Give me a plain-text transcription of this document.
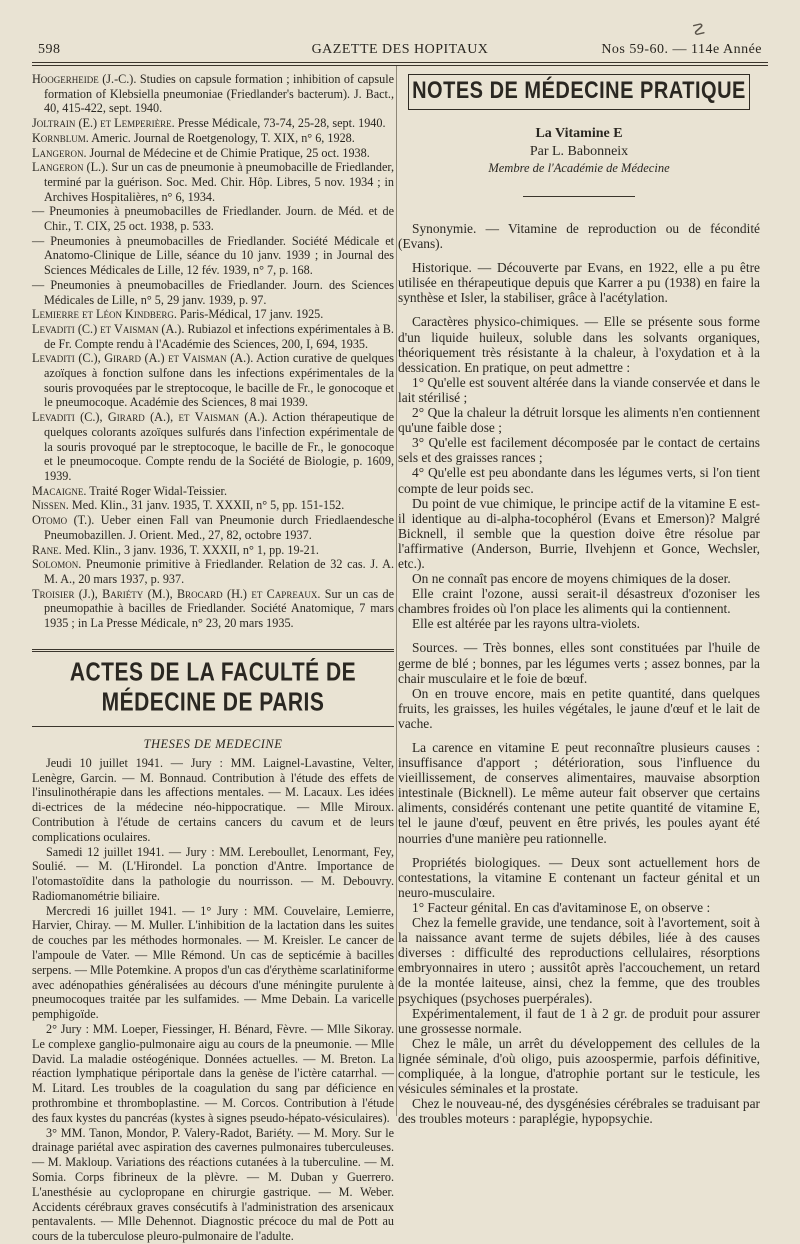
☡
598	GAZETTE DES HOPITAUX	Nos 59-60. — 114e Année

Hoogerheide (J.-C.). Studies on capsule formation ; inhibition of capsule formation of Klebsiella pneumoniae (Friedlander's bacterum). J. Bact., 40, 415-422, sept. 1940.

Joltrain (E.) et Lemperière. Presse Médicale, 73-74, 25-28, sept. 1940.

Kornblum. Americ. Journal de Roetgenology, T. XIX, n° 6, 1928.

Langeron. Journal de Médecine et de Chimie Pratique, 25 oct. 1938.

Langeron (L.). Sur un cas de pneumonie à pneumobacille de Friedlander, terminé par la guérison. Soc. Med. Chir. Hôp. Libres, 5 nov. 1934 ; in Archives Hospitalières, n° 6, 1934.

— Pneumonies à pneumobacilles de Friedlander. Journ. de Méd. et de Chir., T. CIX, 25 oct. 1938, p. 533.

— Pneumonies à pneumobacilles de Friedlander. Société Médicale et Anatomo-Clinique de Lille, séance du 10 janv. 1939 ; in Journal des Sciences Médicales de Lille, 12 fév. 1939, n° 7, p. 168.

— Pneumonies à pneumobacilles de Friedlander. Journ. des Sciences Médicales de Lille, n° 5, 29 janv. 1939, p. 97.

Lemierre et Léon Kindberg. Paris-Médical, 17 janv. 1925.

Levaditi (C.) et Vaisman (A.). Rubiazol et infections expérimentales à B. de Fr. Compte rendu à l'Académie des Sciences, 200, I, 694, 1935.

Levaditi (C.), Girard (A.) et Vaisman (A.). Action curative de quelques azoïques à fonction sulfone dans les infections expérimentales de la souris provoquées par le streptocoque, le bacille de Fr., le gonocoque et le pneumocoque. Académie des Sciences, 8 mai 1939.

Levaditi (C.), Girard (A.), et Vaisman (A.). Action thérapeutique de quelques colorants azoïques sulfurés dans l'infection expérimentale de la souris provoqué par le streptocoque, le bacille de Fr., le gonocoque et le pneumocoque. Compte rendu de la Société de Biologie, p. 1609, 1939.

Macaigne. Traité Roger Widal-Teissier.

Nissen. Med. Klin., 31 janv. 1935, T. XXXII, n° 5, pp. 151-152.

Otomo (T.). Ueber einen Fall van Pneumonie durch Friedlaendesche Pneumobazillen. J. Orient. Med., 27, 82, octobre 1937.

Rane. Med. Klin., 3 janv. 1936, T. XXXII, n° 1, pp. 19-21.

Solomon. Pneumonie primitive à Friedlander. Relation de 32 cas. J. A. M. A., 20 mars 1937, p. 937.

Troisier (J.), Bariéty (M.), Brocard (H.) et Capreaux. Sur un cas de pneumopathie à bacilles de Friedlander. Société Anatomique, 7 mars 1935 ; in La Presse Médicale, n° 23, 20 mars 1935.

ACTES DE LA FACULTÉ DE MÉDECINE DE PARIS
THESES DE MEDECINE

Jeudi 10 juillet 1941. — Jury : MM. Laignel-Lavastine, Velter, Lenègre, Garcin. — M. Bonnaud. Contribution à l'étude des effets de l'insulinothérapie dans les affections mentales. — M. Lacaux. Les idées di-ectrices de la médecine néo-hippocratique. — Mlle Miroux. Contribution à l'étude de certains cancers du cavum et de leurs complications oculaires.

Samedi 12 juillet 1941. — Jury : MM. Lereboullet, Lenormant, Fey, Soulié. — M. (L'Hirondel. La ponction d'Antre. Importance de l'otomastoïdite dans la pathologie du nourrisson. — M. Debouvry. Radiomanométrie biliaire.

Mercredi 16 juillet 1941. — 1° Jury : MM. Couvelaire, Lemierre, Harvier, Chiray. — M. Muller. L'inhibition de la lactation dans les suites de couches par les méthodes hormonales. — M. Kreisler. Le cancer de l'ampoule de Vater. — Mlle Rémond. Un cas de septicémie à bacilles serpens. — Mlle Potemkine. A propos d'un cas d'érythème scarlatiniforme avec adénopathies généralisées au décours d'une méningite purulente à pneumocoques traitée par les sulfamides. — Mme Debain. La varicelle pemphigoïde.

2° Jury : MM. Loeper, Fiessinger, H. Bénard, Fèvre. — Mlle Sikoray. Le complexe ganglio-pulmonaire aigu au cours de la pneumonie. — Mlle David. La maladie ostéogénique. Données actuelles. — M. Breton. La réaction lymphatique périportale dans la genèse de l'ictère catarrhal. — M. Litard. Les troubles de la coagulation du sang par déficience en prothrombine et thromboplastine. — M. Corcos. Contribution à l'étude des faux kystes du pancréas (kystes à signes pseudo-hépato-vésiculaires).

3° MM. Tanon, Mondor, P. Valery-Radot, Bariéty. — M. Mory. Sur le drainage pariétal avec aspiration des cavernes pulmonaires tuberculeuses. — M. Makloup. Variations des réactions cutanées à la tuberculine. — M. Somia. Corps fibrineux de la plèvre. — M. Duban y Guerrero. L'anesthésie au cyclopropane en chirurgie gastrique. — M. Weber. Accidents cérébraux graves consécutifs à l'administration des arsenicaux pentavalents. — Mlle Dehennot. Diagnostic précoce du mal de Pott au cours de la tuberculose pleuro-pulmonaire de l'adulte.

NOTES DE MÉDECINE PRATIQUE
La Vitamine E
Par L. Babonneix
Membre de l'Académie de Médecine

Synonymie. — Vitamine de reproduction ou de fécondité (Evans).

Historique. — Découverte par Evans, en 1922, elle a pu être utilisée en thérapeutique depuis que Karrer a pu (1938) en faire la synthèse et Isler, la stabiliser, grâce à l'acétylation.

Caractères physico-chimiques. — Elle se présente sous forme d'un liquide huileux, soluble dans les solvants organiques, théoriquement très résistante à la chaleur, à l'oxydation et à la dessication. En pratique, on peut admettre :

1° Qu'elle est souvent altérée dans la viande conservée et dans le lait stérilisé ;

2° Que la chaleur la détruit lorsque les aliments n'en contiennent qu'une faible dose ;

3° Qu'elle est facilement décomposée par le contact de certains sels et des graisses rances ;

4° Qu'elle est peu abondante dans les légumes verts, si l'on tient compte de leur poids sec.

Du point de vue chimique, le principe actif de la vitamine E est-il identique au di-alpha-tocophérol (Evans et Emerson)? Malgré Bicknell, il semble que la question doive être résolue par l'affirmative (Anderson, Burrie, Ilvehjenn et Gonce, Wechsler, etc.).

On ne connaît pas encore de moyens chimiques de la doser.

Elle craint l'ozone, aussi serait-il désastreux d'ozoniser les chambres froides où l'on place les aliments qui la contiennent.

Elle est altérée par les rayons ultra-violets.

Sources. — Très bonnes, elles sont constituées par l'huile de germe de blé ; bonnes, par les légumes verts ; assez bonnes, par la chair musculaire et le foie de bœuf.

On en trouve encore, mais en petite quantité, dans quelques fruits, les graisses, les huiles végétales, le jaune d'œuf et le lait de vache.

La carence en vitamine E peut reconnaître plusieurs causes : insuffisance d'apport ; détérioration, sous l'influence du vieillissement, de conserves alimentaires, mauvaise absorption intestinale (Bicknell). Le même auteur fait observer que certains aliments, considérés contenant une petite quantité de vitamine E, tel le jaune d'œuf, peuvent en être privés, les poules ayant été nourries d'une manière peu rationnelle.

Propriétés biologiques. — Deux sont actuellement hors de contestations, la vitamine E contenant un facteur génital et un neuro-musculaire.

1° Facteur génital. En cas d'avitaminose E, on observe :

Chez la femelle gravide, une tendance, soit à l'avortement, soit à la naissance avant terme de sujets débiles, liée à des causes diverses : difficulté des reproductions cellulaires, résorptions embryonnaires in utero ; aussitôt après l'accouchement, un retard de la montée laiteuse, ainsi, chez la femme, que des troubles psychiques (psychoses puerpérales).

Expérimentalement, il faut de 1 à 2 gr. de produit pour assurer une grossesse normale.

Chez le mâle, un arrêt du développement des cellules de la lignée séminale, d'où oligo, puis azoospermie, parfois définitive, compliquée, à la longue, d'atrophie portant sur le testicule, les vésicules séminales et la prostate.

Chez le nouveau-né, des dysgénésies cérébrales se traduisant par des troubles moteurs : paraplégie, hypopsychie.
